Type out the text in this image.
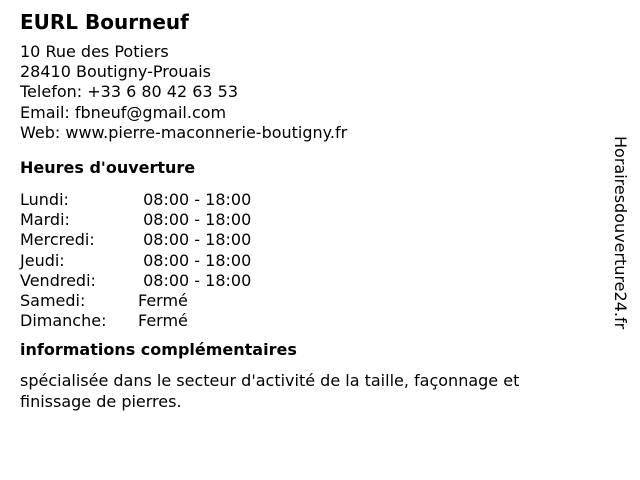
EURL Bourneuf
10 Rue des Potiers
28410 Boutigny-Prouais
Telefon: +33 6 80 42 63 53
Email: fbneuf@gmail.com
Web: www.pierre-maconnerie-boutigny.fr
Heures d'ouverture
Lundi:	08:00 - 18:00
Mardi:	08:00 - 18:00
Mercredi:	08:00 - 18:00
Jeudi:	08:00 - 18:00
Vendredi:	08:00 - 18:00
Samedi:	Fermé
Dimanche:	Fermé
informations complémentaires
spécialisée dans le secteur d'activité de la taille, façonnage et finissage de pierres.
Horairesdouverture24.fr
